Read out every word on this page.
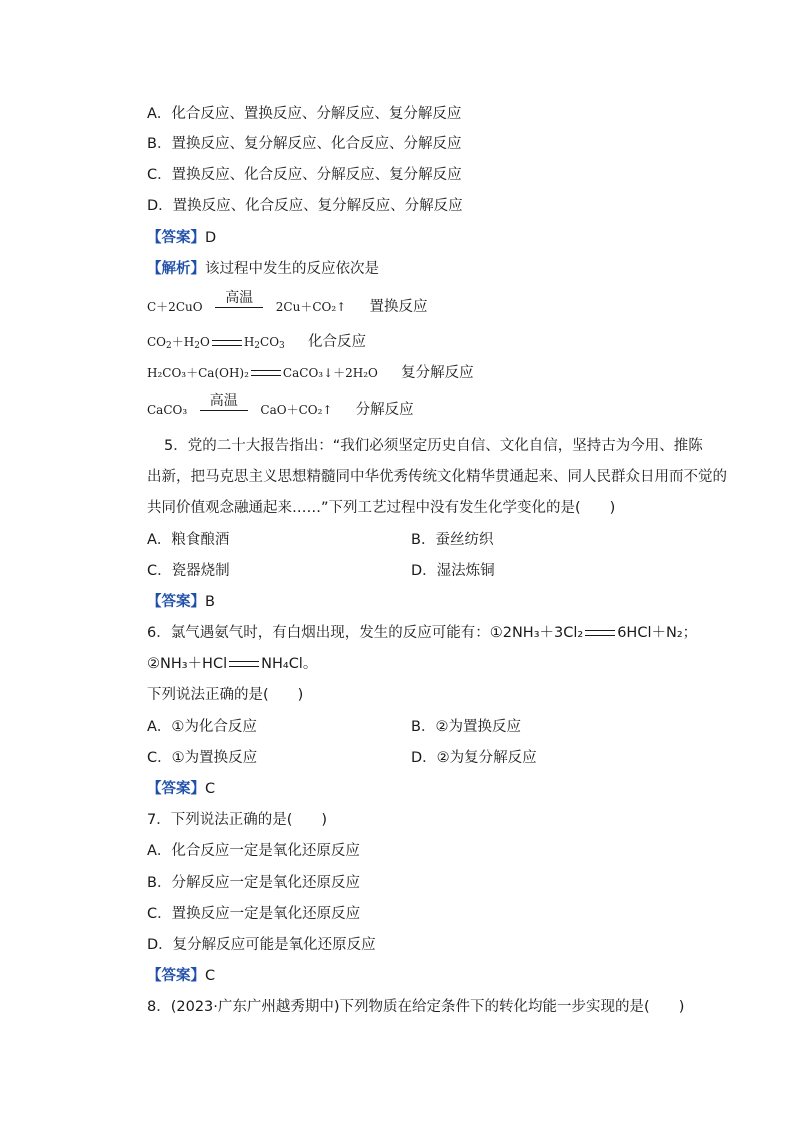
A．化合反应、置换反应、分解反应、复分解反应
B．置换反应、复分解反应、化合反应、分解反应
C．置换反应、化合反应、分解反应、复分解反应
D．置换反应、化合反应、复分解反应、分解反应
【答案】D
【解析】该过程中发生的反应依次是
C＋2CuO
高温
2Cu＋CO₂↑ 置换反应
$CO_2+H_2O$	$H_2CO_3$ 化合反应
H₂CO₃＋Ca(OH)₂	CaCO₃↓＋2H₂O 复分解反应
CaCO₃
高温
CaO＋CO₂↑ 分解反应
5．党的二十大报告指出：“我们必须坚定历史自信、文化自信，坚持古为今用、推陈
出新，把马克思主义思想精髓同中华优秀传统文化精华贯通起来、同人民群众日用而不觉的
共同价值观念融通起来……”下列工艺过程中没有发生化学变化的是(　　)
A．粮食酿酒	B．蚕丝纺织
C．瓷器烧制	D．湿法炼铜
【答案】B
6．氯气遇氨气时，有白烟出现，发生的反应可能有：①2NH₃＋3Cl₂ 6HCl＋N₂；
②NH₃＋HCl NH₄Cl。
下列说法正确的是(　　)
A．①为化合反应	B．②为置换反应
C．①为置换反应	D．②为复分解反应
【答案】C
7．下列说法正确的是(　　)
A．化合反应一定是氧化还原反应
B．分解反应一定是氧化还原反应
C．置换反应一定是氧化还原反应
D．复分解反应可能是氧化还原反应
【答案】C
8．(2023·广东广州越秀期中)下列物质在给定条件下的转化均能一步实现的是(　　)
